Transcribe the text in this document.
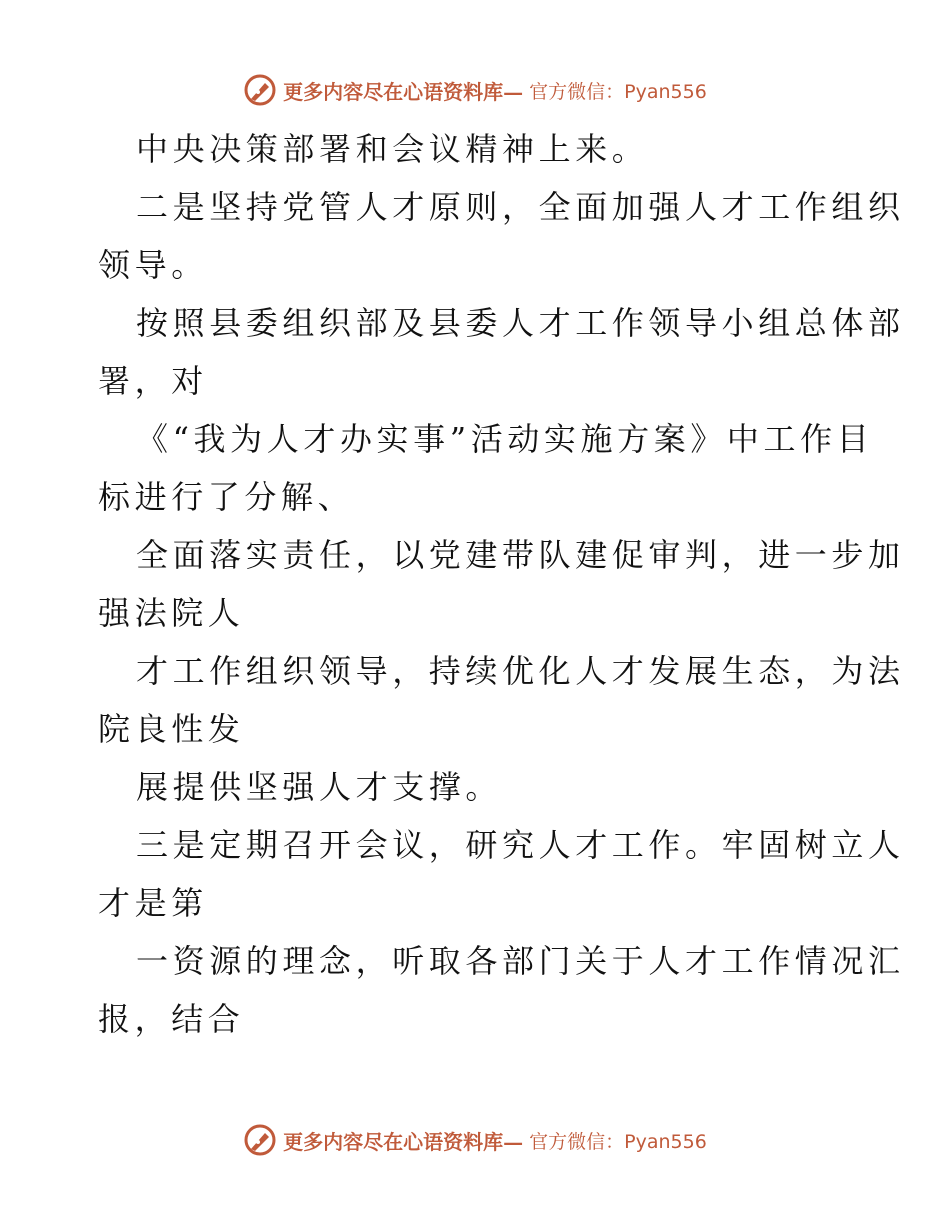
更多内容尽在心语资料库— 官方微信：Pyan556
中央决策部署和会议精神上来。
二是坚持党管人才原则，全面加强人才工作组织
领导。
按照县委组织部及县委人才工作领导小组总体部
署，对
《“我为人才办实事”活动实施方案》中工作目
标进行了分解、
全面落实责任，以党建带队建促审判，进一步加
强法院人
才工作组织领导，持续优化人才发展生态，为法
院良性发
展提供坚强人才支撑。
三是定期召开会议，研究人才工作。牢固树立人
才是第
一资源的理念，听取各部门关于人才工作情况汇
报，结合
更多内容尽在心语资料库— 官方微信：Pyan556
